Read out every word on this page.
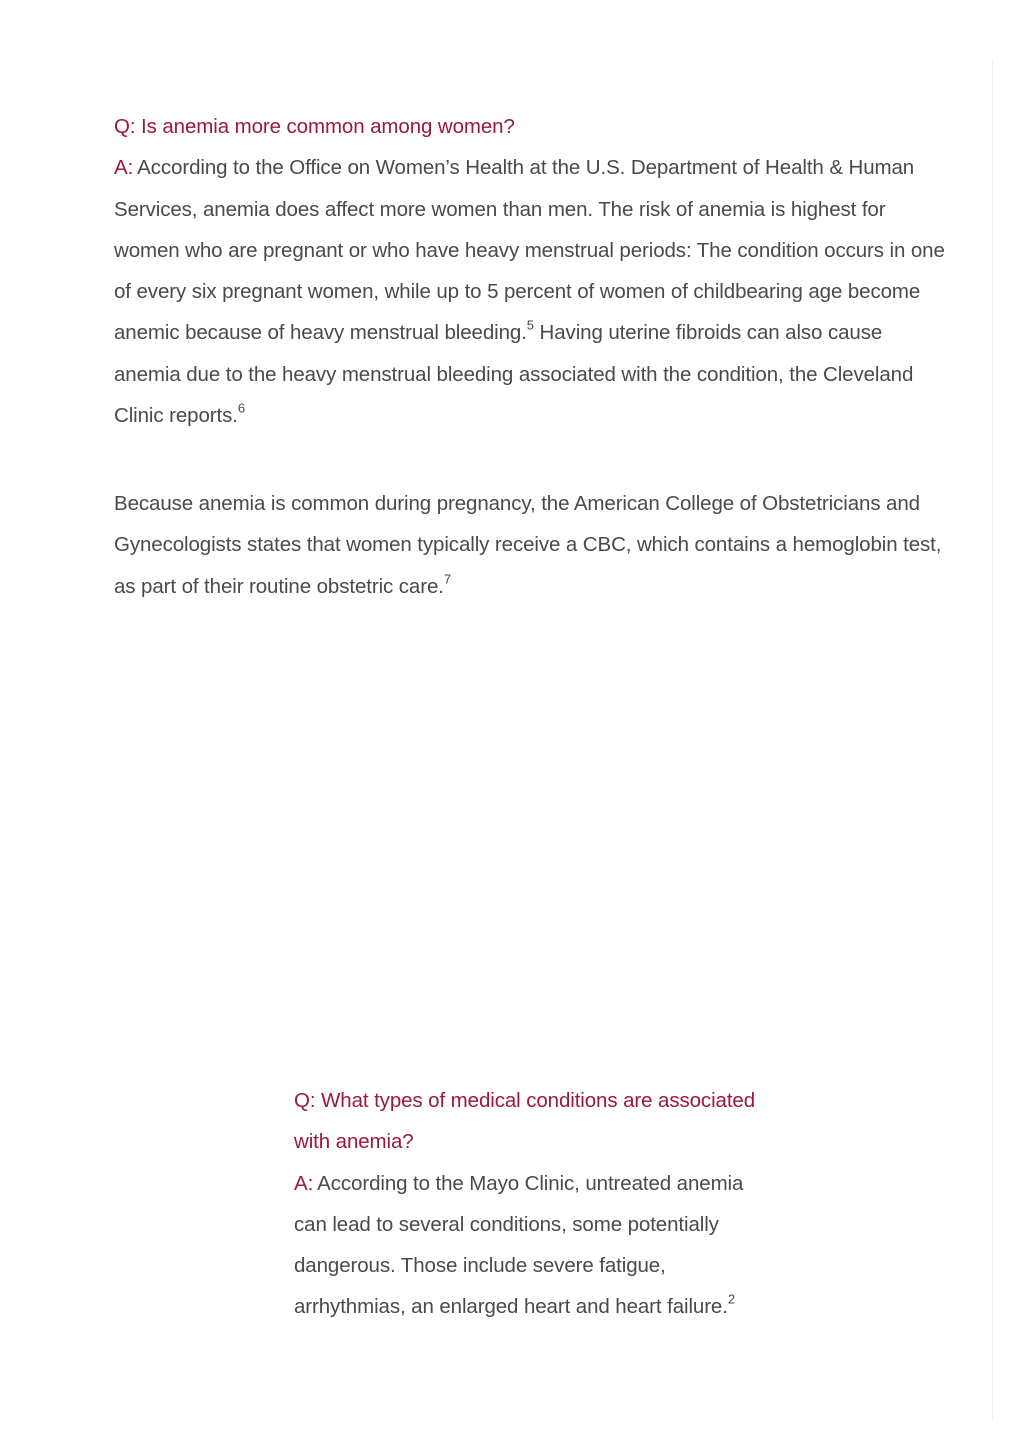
Q: Is anemia more common among women?

A: According to the Office on Women’s Health at the U.S. Department of Health & Human Services, anemia does affect more women than men. The risk of anemia is highest for women who are pregnant or who have heavy menstrual periods: The condition occurs in one of every six pregnant women, while up to 5 percent of women of childbearing age become anemic because of heavy menstrual bleeding.$^5$ Having uterine fibroids can also cause anemia due to the heavy menstrual bleeding associated with the condition, the Cleveland Clinic reports.$^6$

Because anemia is common during pregnancy, the American College of Obstetricians and Gynecologists states that women typically receive a CBC, which contains a hemoglobin test, as part of their routine obstetric care.$^7$

Q: What types of medical conditions are associated with anemia?

A: According to the Mayo Clinic, untreated anemia can lead to several conditions, some potentially dangerous. Those include severe fatigue, arrhythmias, an enlarged heart and heart failure.$^2$
